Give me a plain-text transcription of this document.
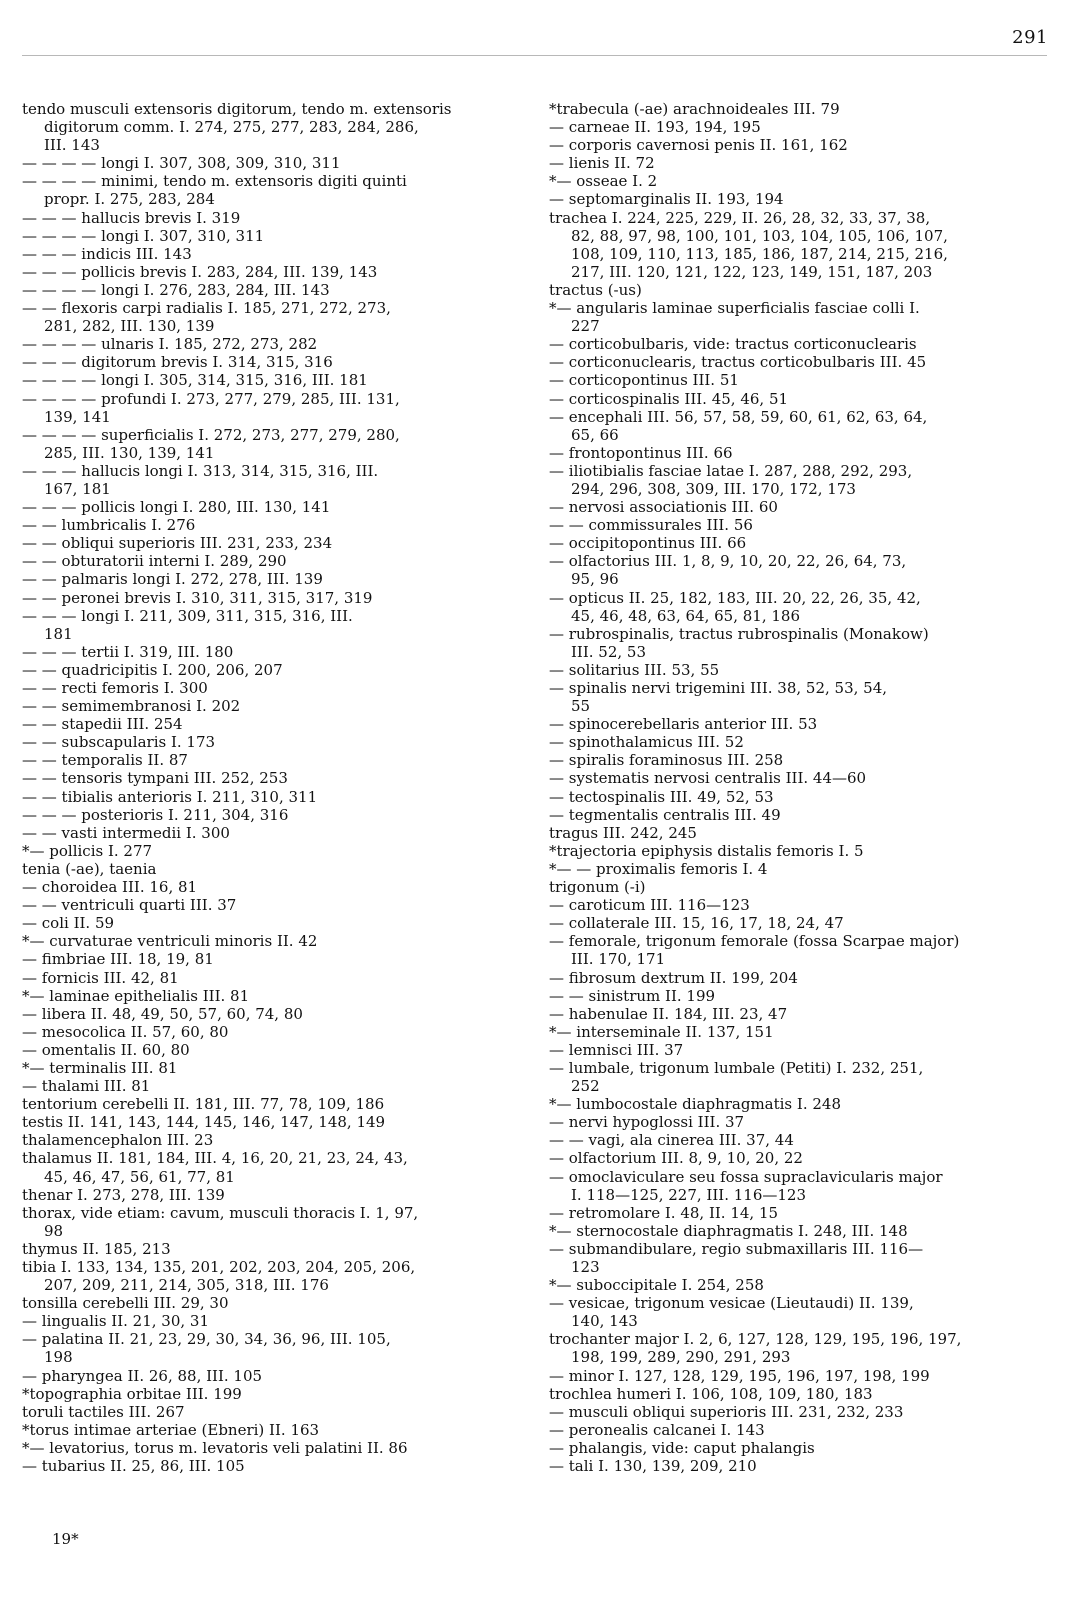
291
tendo musculi extensoris digitorum, tendo m. extensoris
digitorum comm. I. 274, 275, 277, 283, 284, 286,
III. 143
— — — — longi I. 307, 308, 309, 310, 311
— — — — minimi, tendo m. extensoris digiti quinti
propr. I. 275, 283, 284
— — — hallucis brevis I. 319
— — — — longi I. 307, 310, 311
— — — indicis III. 143
— — — pollicis brevis I. 283, 284, III. 139, 143
— — — — longi I. 276, 283, 284, III. 143
— — flexoris carpi radialis I. 185, 271, 272, 273,
281, 282, III. 130, 139
— — — — ulnaris I. 185, 272, 273, 282
— — — digitorum brevis I. 314, 315, 316
— — — — longi I. 305, 314, 315, 316, III. 181
— — — — profundi I. 273, 277, 279, 285, III. 131,
139, 141
— — — — superficialis I. 272, 273, 277, 279, 280,
285, III. 130, 139, 141
— — — hallucis longi I. 313, 314, 315, 316, III.
167, 181
— — — pollicis longi I. 280, III. 130, 141
— — lumbricalis I. 276
— — obliqui superioris III. 231, 233, 234
— — obturatorii interni I. 289, 290
— — palmaris longi I. 272, 278, III. 139
— — peronei brevis I. 310, 311, 315, 317, 319
— — — longi I. 211, 309, 311, 315, 316, III.
181
— — — tertii I. 319, III. 180
— — quadricipitis I. 200, 206, 207
— — recti femoris I. 300
— — semimembranosi I. 202
— — stapedii III. 254
— — subscapularis I. 173
— — temporalis II. 87
— — tensoris tympani III. 252, 253
— — tibialis anterioris I. 211, 310, 311
— — — posterioris I. 211, 304, 316
— — vasti intermedii I. 300
*— pollicis I. 277
tenia (-ae), taenia
— choroidea III. 16, 81
— — ventriculi quarti III. 37
— coli II. 59
*— curvaturae ventriculi minoris II. 42
— fimbriae III. 18, 19, 81
— fornicis III. 42, 81
*— laminae epithelialis III. 81
— libera II. 48, 49, 50, 57, 60, 74, 80
— mesocolica II. 57, 60, 80
— omentalis II. 60, 80
*— terminalis III. 81
— thalami III. 81
tentorium cerebelli II. 181, III. 77, 78, 109, 186
testis II. 141, 143, 144, 145, 146, 147, 148, 149
thalamencephalon III. 23
thalamus II. 181, 184, III. 4, 16, 20, 21, 23, 24, 43,
45, 46, 47, 56, 61, 77, 81
thenar I. 273, 278, III. 139
thorax, vide etiam: cavum, musculi thoracis I. 1, 97,
98
thymus II. 185, 213
tibia I. 133, 134, 135, 201, 202, 203, 204, 205, 206,
207, 209, 211, 214, 305, 318, III. 176
tonsilla cerebelli III. 29, 30
— lingualis II. 21, 30, 31
— palatina II. 21, 23, 29, 30, 34, 36, 96, III. 105,
198
— pharyngea II. 26, 88, III. 105
*topographia orbitae III. 199
toruli tactiles III. 267
*torus intimae arteriae (Ebneri) II. 163
*— levatorius, torus m. levatoris veli palatini II. 86
— tubarius II. 25, 86, III. 105
*trabecula (-ae) arachnoideales III. 79
— carneae II. 193, 194, 195
— corporis cavernosi penis II. 161, 162
— lienis II. 72
*— osseae I. 2
— septomarginalis II. 193, 194
trachea I. 224, 225, 229, II. 26, 28, 32, 33, 37, 38,
82, 88, 97, 98, 100, 101, 103, 104, 105, 106, 107,
108, 109, 110, 113, 185, 186, 187, 214, 215, 216,
217, III. 120, 121, 122, 123, 149, 151, 187, 203
tractus (-us)
*— angularis laminae superficialis fasciae colli I.
227
— corticobulbaris, vide: tractus corticonuclearis
— corticonuclearis, tractus corticobulbaris III. 45
— corticopontinus III. 51
— corticospinalis III. 45, 46, 51
— encephali III. 56, 57, 58, 59, 60, 61, 62, 63, 64,
65, 66
— frontopontinus III. 66
— iliotibialis fasciae latae I. 287, 288, 292, 293,
294, 296, 308, 309, III. 170, 172, 173
— nervosi associationis III. 60
— — commissurales III. 56
— occipitopontinus III. 66
— olfactorius III. 1, 8, 9, 10, 20, 22, 26, 64, 73,
95, 96
— opticus II. 25, 182, 183, III. 20, 22, 26, 35, 42,
45, 46, 48, 63, 64, 65, 81, 186
— rubrospinalis, tractus rubrospinalis (Monakow)
III. 52, 53
— solitarius III. 53, 55
— spinalis nervi trigemini III. 38, 52, 53, 54,
55
— spinocerebellaris anterior III. 53
— spinothalamicus III. 52
— spiralis foraminosus III. 258
— systematis nervosi centralis III. 44—60
— tectospinalis III. 49, 52, 53
— tegmentalis centralis III. 49
tragus III. 242, 245
*trajectoria epiphysis distalis femoris I. 5
*— — proximalis femoris I. 4
trigonum (-i)
— caroticum III. 116—123
— collaterale III. 15, 16, 17, 18, 24, 47
— femorale, trigonum femorale (fossa Scarpae major)
III. 170, 171
— fibrosum dextrum II. 199, 204
— — sinistrum II. 199
— habenulae II. 184, III. 23, 47
*— interseminale II. 137, 151
— lemnisci III. 37
— lumbale, trigonum lumbale (Petiti) I. 232, 251,
252
*— lumbocostale diaphragmatis I. 248
— nervi hypoglossi III. 37
— — vagi, ala cinerea III. 37, 44
— olfactorium III. 8, 9, 10, 20, 22
— omoclaviculare seu fossa supraclavicularis major
I. 118—125, 227, III. 116—123
— retromolare I. 48, II. 14, 15
*— sternocostale diaphragmatis I. 248, III. 148
— submandibulare, regio submaxillaris III. 116—
123
*— suboccipitale I. 254, 258
— vesicae, trigonum vesicae (Lieutaudi) II. 139,
140, 143
trochanter major I. 2, 6, 127, 128, 129, 195, 196, 197,
198, 199, 289, 290, 291, 293
— minor I. 127, 128, 129, 195, 196, 197, 198, 199
trochlea humeri I. 106, 108, 109, 180, 183
— musculi obliqui superioris III. 231, 232, 233
— peronealis calcanei I. 143
— phalangis, vide: caput phalangis
— tali I. 130, 139, 209, 210
19*
